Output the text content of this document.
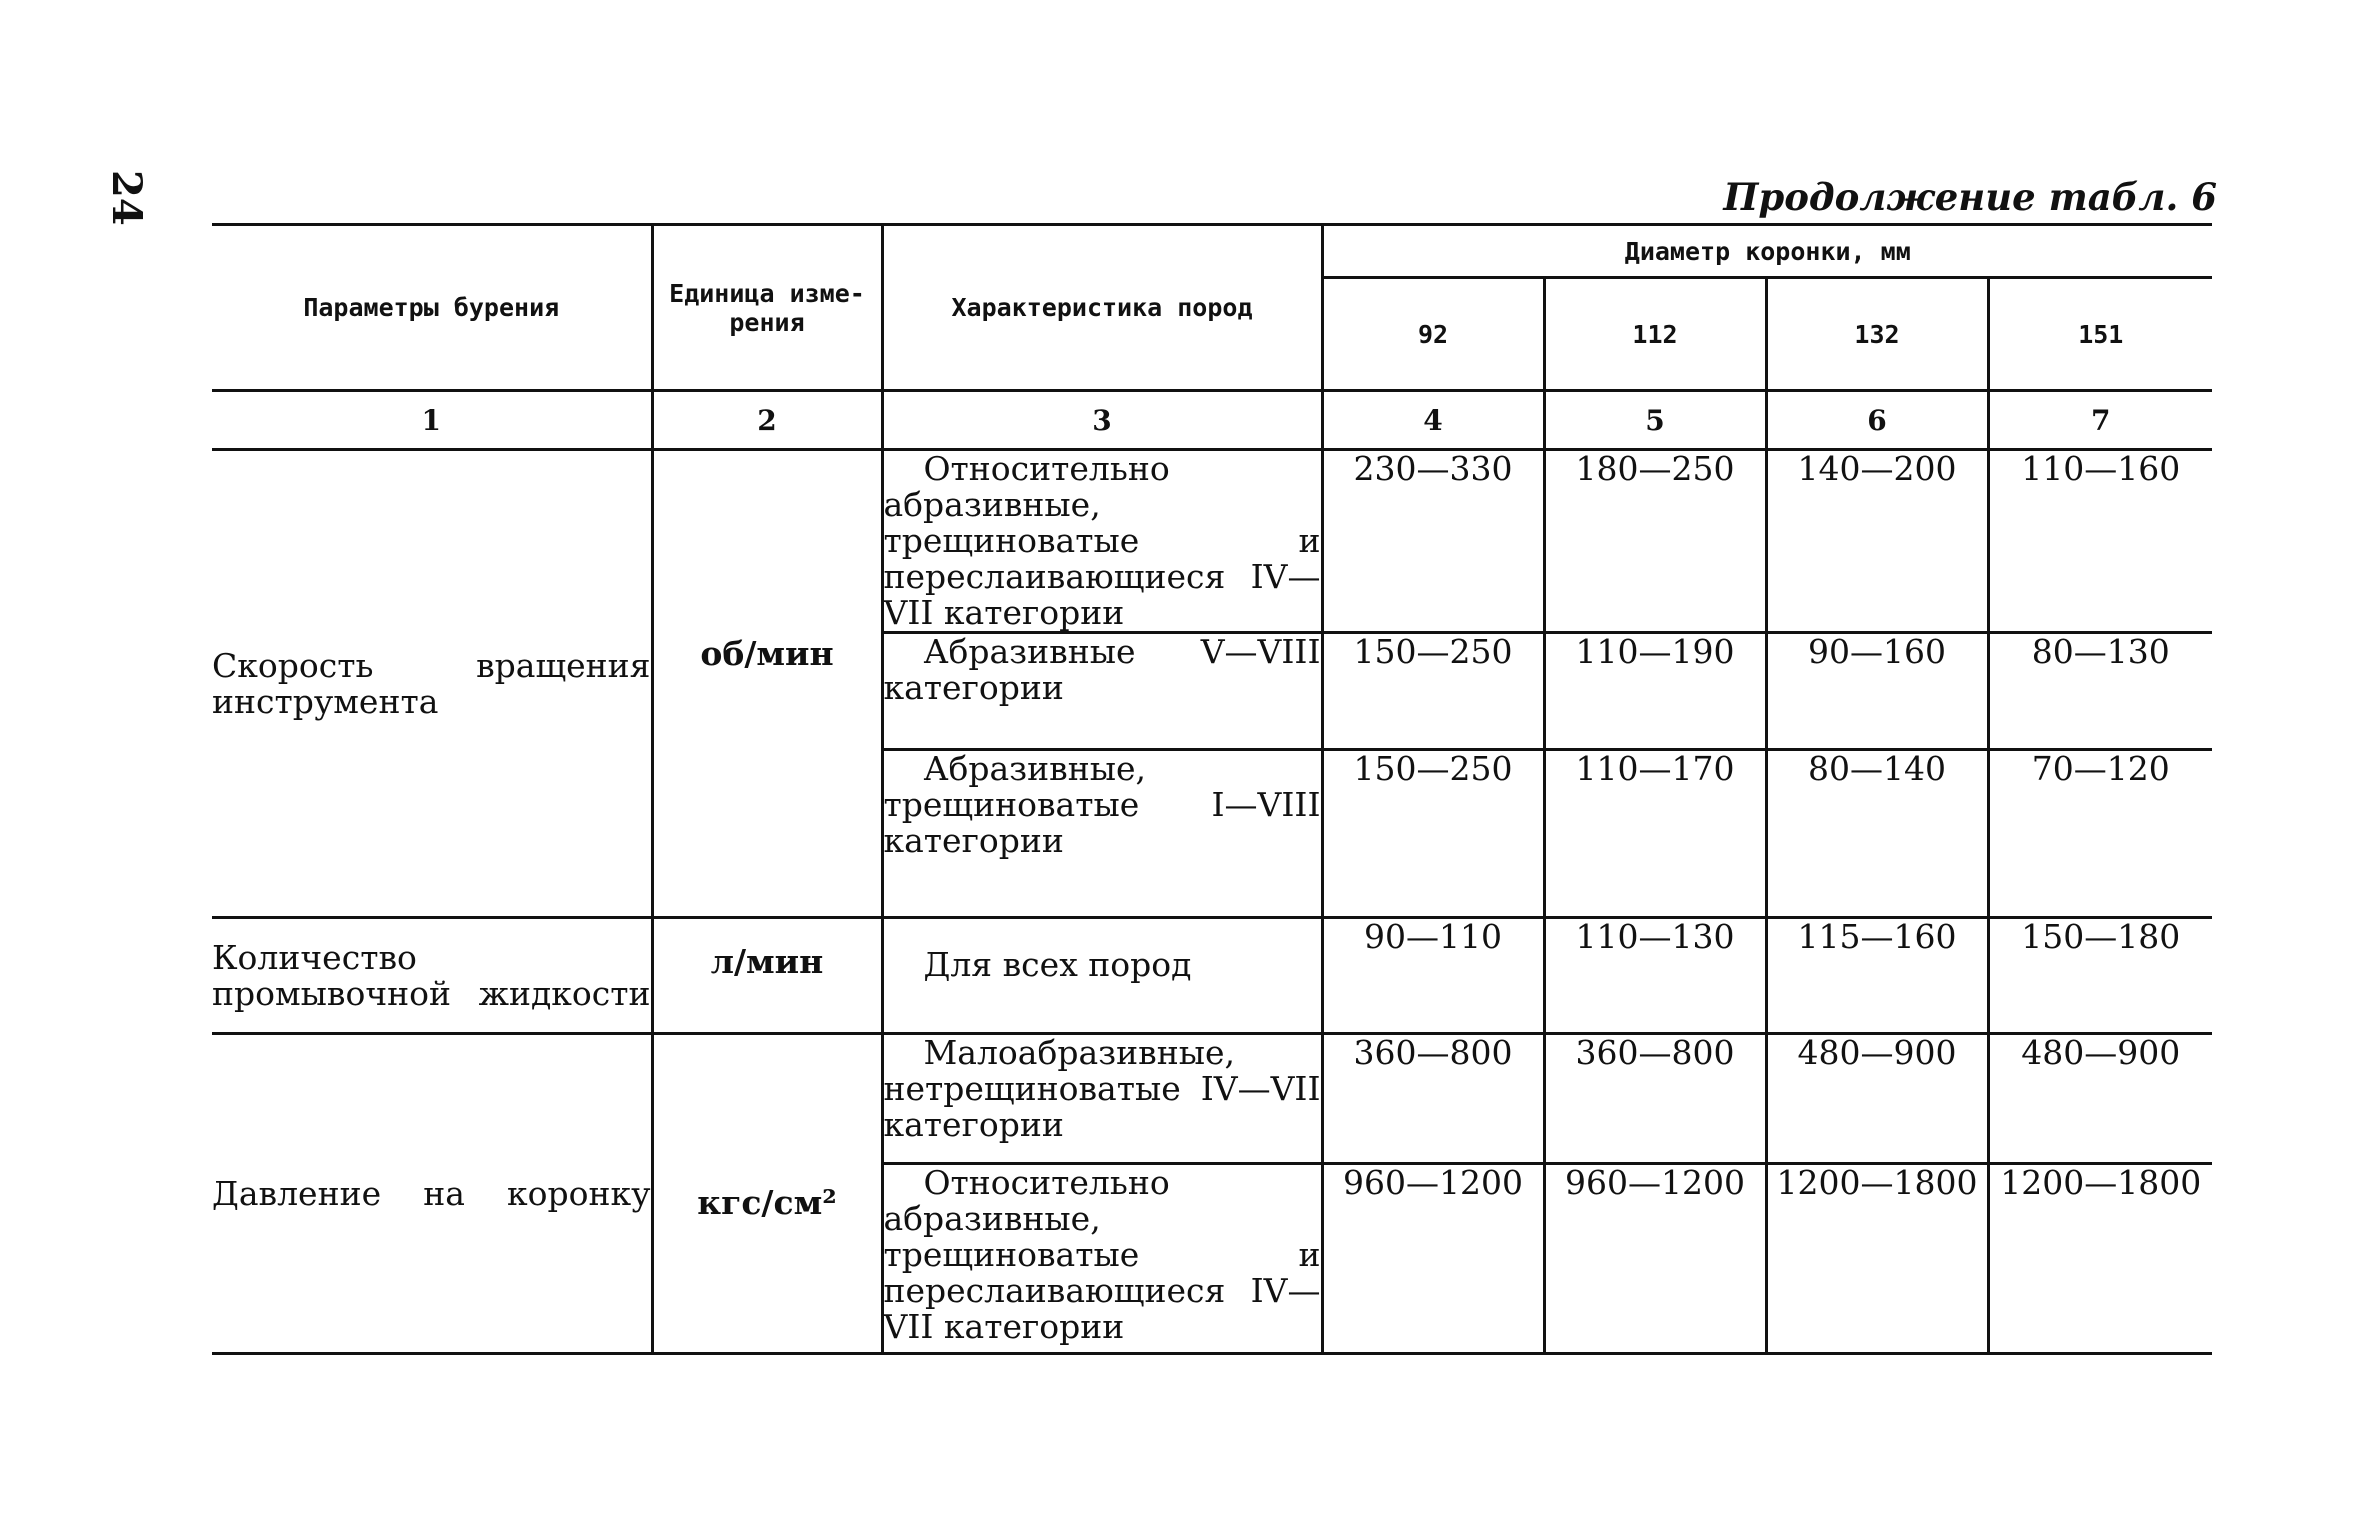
24	Продолжение табл. 6
Параметры бурения	Единица изме-рения	Характеристика пород	Диаметр коронки, мм			
			92	112	132	151
1	2	3	4	5	6	7

Скорость вращения инструмента	об/мин	Относительно абразивные, трещиноватые и переслаивающиеся IV—VII категории	230—330	180—250	140—200	110—160

		Абразивные V—VIII категории	150—250	110—190	90—160	80—130

		Абразивные, трещиноватые I—VIII категории	150—250	110—170	80—140	70—120

Количество промывочной жидкости	л/мин	Для всех пород	90—110	110—130	115—160	150—180

Давление на коронку	кгс/см²	Малоабразивные, нетрещиноватые IV—VII категории	360—800	360—800	480—900	480—900

		Относительно абразивные, трещиноватые и переслаивающиеся IV—VII категории	960—1200	960—1200	1200—1800	1200—1800
